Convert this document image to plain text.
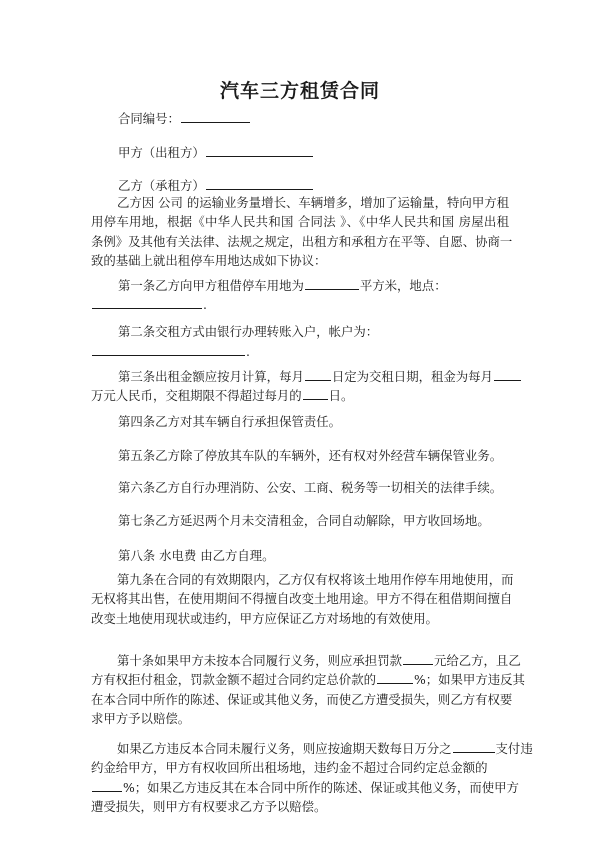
汽车三方租赁合同
合同编号：
甲方（出租方）
乙方（承租方）
乙方因 公司 的运输业务量增长、车辆增多，增加了运输量，特向甲方租
用停车用地，根据《中华人民共和国 合同法 》、《中华人民共和国 房屋出租
条例》及其他有关法律、法规之规定，出租方和承租方在平等、自愿、协商一
致的基础上就出租停车用地达成如下协议：
第一条乙方向甲方租借停车用地为	平方米，地点：
.
第二条交租方式由银行办理转账入户，帐户为：
.
第三条出租金额应按月计算，每月 日定为交租日期，租金为每月
万元人民币，交租期限不得超过每月的 日。
第四条乙方对其车辆自行承担保管责任。
第五条乙方除了停放其车队的车辆外，还有权对外经营车辆保管业务。
第六条乙方自行办理消防、公安、工商、税务等一切相关的法律手续。
第七条乙方延迟两个月未交清租金，合同自动解除，甲方收回场地。
第八条 水电费 由乙方自理。
第九条在合同的有效期限内，乙方仅有权将该土地用作停车用地使用，而
无权将其出售，在使用期间不得擅自改变土地用途。甲方不得在租借期间擅自
改变土地使用现状或违约，甲方应保证乙方对场地的有效使用。
第十条如果甲方未按本合同履行义务，则应承担罚款	元给乙方，且乙
方有权拒付租金，罚款金额不超过合同约定总价款的	%；如果甲方违反其
在本合同中所作的陈述、保证或其他义务，而使乙方遭受损失，则乙方有权要
求甲方予以赔偿。
如果乙方违反本合同未履行义务，则应按逾期天数每日万分之	支付违
约金给甲方，甲方有权收回所出租场地，违约金不超过合同约定总金额的
%；如果乙方违反其在本合同中所作的陈述、保证或其他义务，而使甲方
遭受损失，则甲方有权要求乙方予以赔偿。
